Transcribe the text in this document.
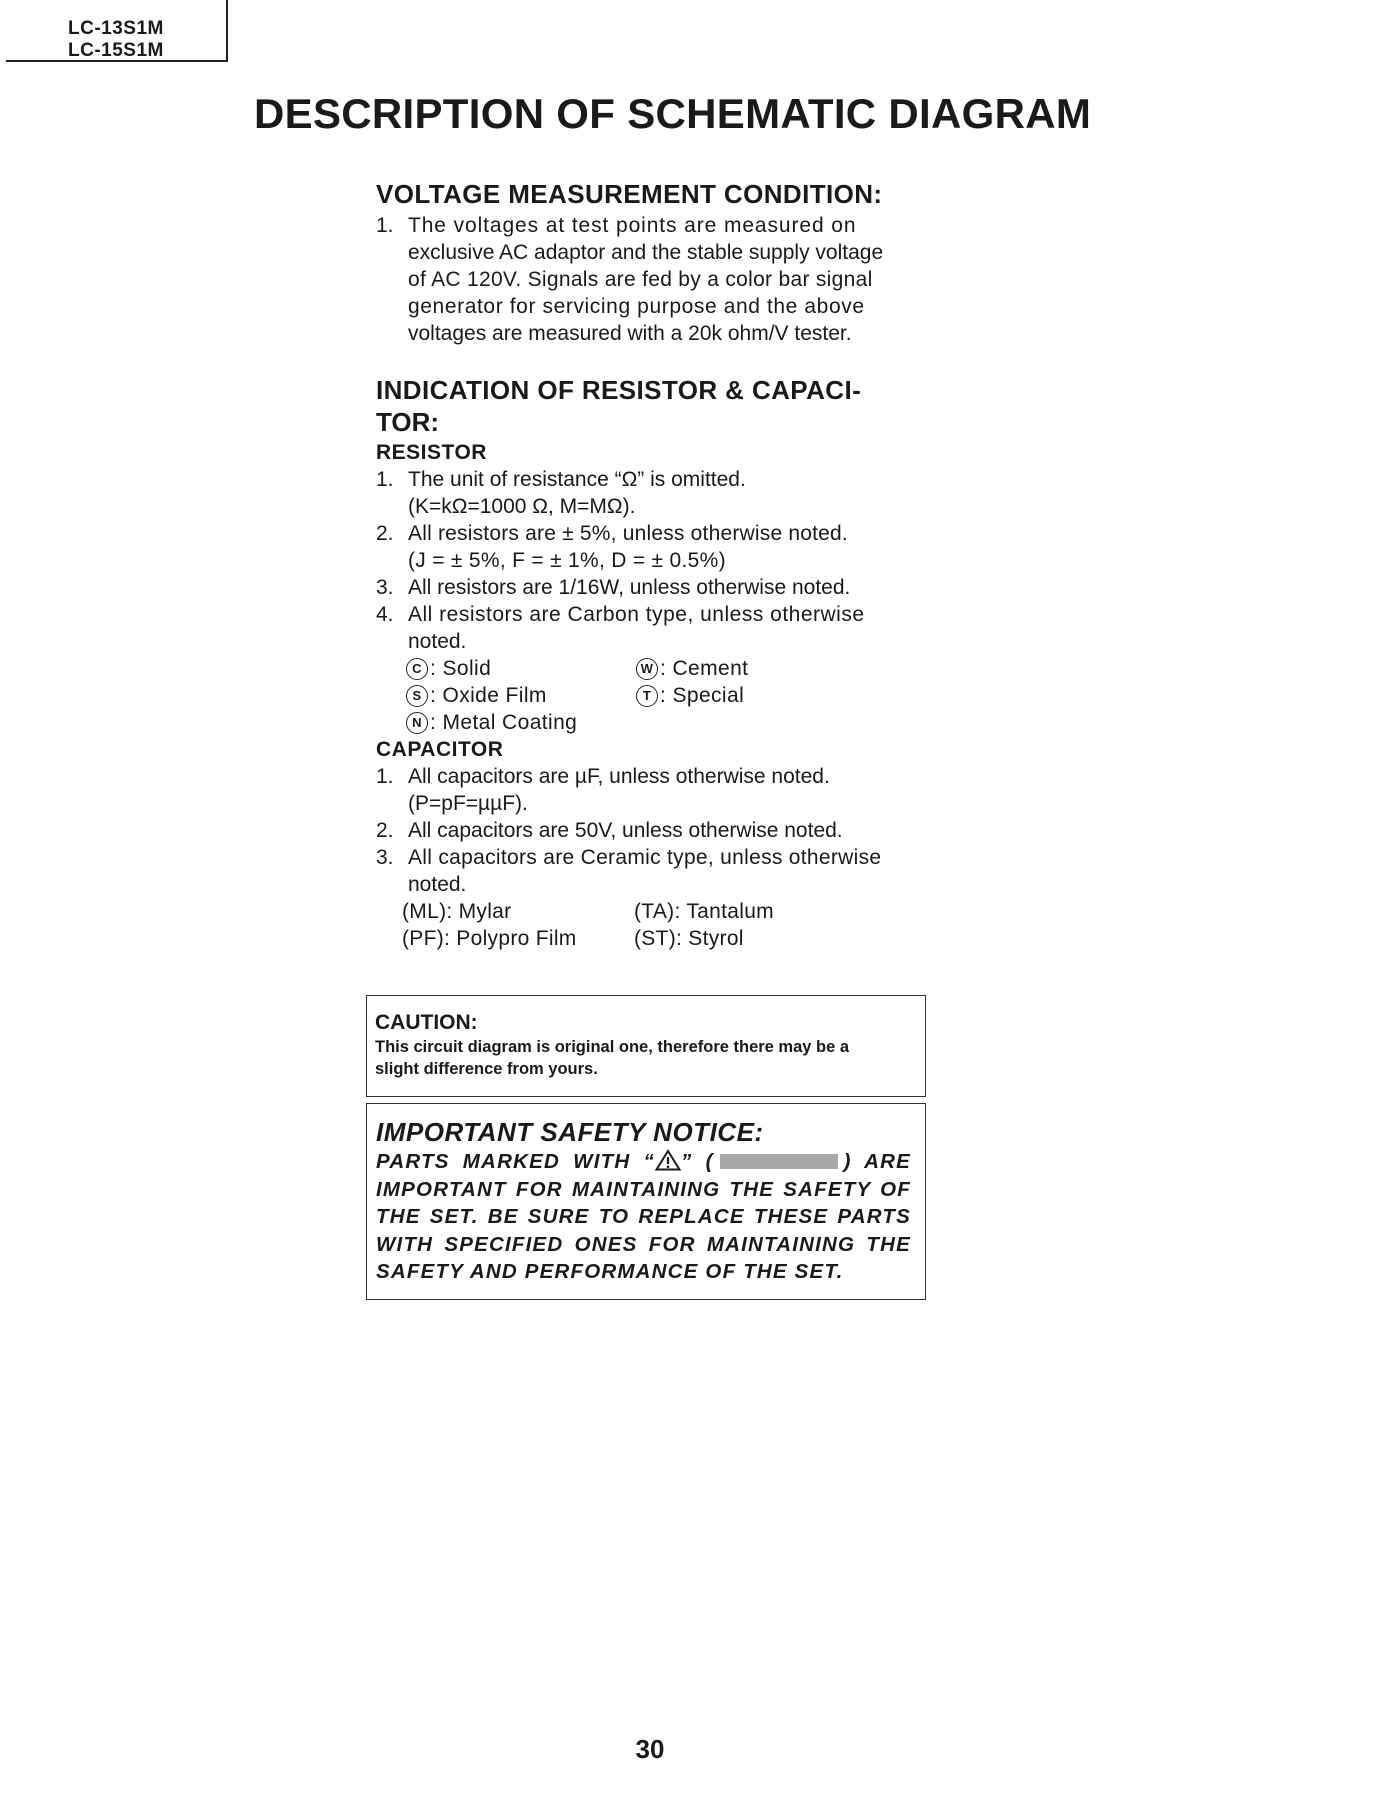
LC-13S1M
LC-15S1M
DESCRIPTION OF SCHEMATIC DIAGRAM
VOLTAGE MEASUREMENT CONDITION:
1. The voltages at test points are measured on
exclusive AC adaptor and the stable supply voltage
of AC 120V. Signals are fed by a color bar signal
generator for servicing purpose and the above
voltages are measured with a 20k ohm/V tester.
INDICATION OF RESISTOR & CAPACI-
TOR:
RESISTOR
1. The unit of resistance “Ω” is omitted.
(K=kΩ=1000 Ω, M=MΩ).
2. All resistors are ± 5%, unless otherwise noted.
(J = ± 5%, F = ± 1%, D = ± 0.5%)
3. All resistors are 1/16W, unless otherwise noted.
4. All resistors are Carbon type, unless otherwise
noted.
C : Solid	W : Cement
S : Oxide Film	T : Special
N : Metal Coating
CAPACITOR
1. All capacitors are µF, unless otherwise noted.
(P=pF=µµF).
2. All capacitors are 50V, unless otherwise noted.
3. All capacitors are Ceramic type, unless otherwise
noted.
(ML): Mylar	(TA): Tantalum
(PF): Polypro Film	(ST): Styrol
CAUTION:
This circuit diagram is original one, therefore there may be a
slight difference from yours.
IMPORTANT SAFETY NOTICE:
PARTS MARKED WITH “ ” (	) ARE
IMPORTANT FOR MAINTAINING THE SAFETY OF
THE SET. BE SURE TO REPLACE THESE PARTS
WITH SPECIFIED ONES FOR MAINTAINING THE
SAFETY AND PERFORMANCE OF THE SET.
30
